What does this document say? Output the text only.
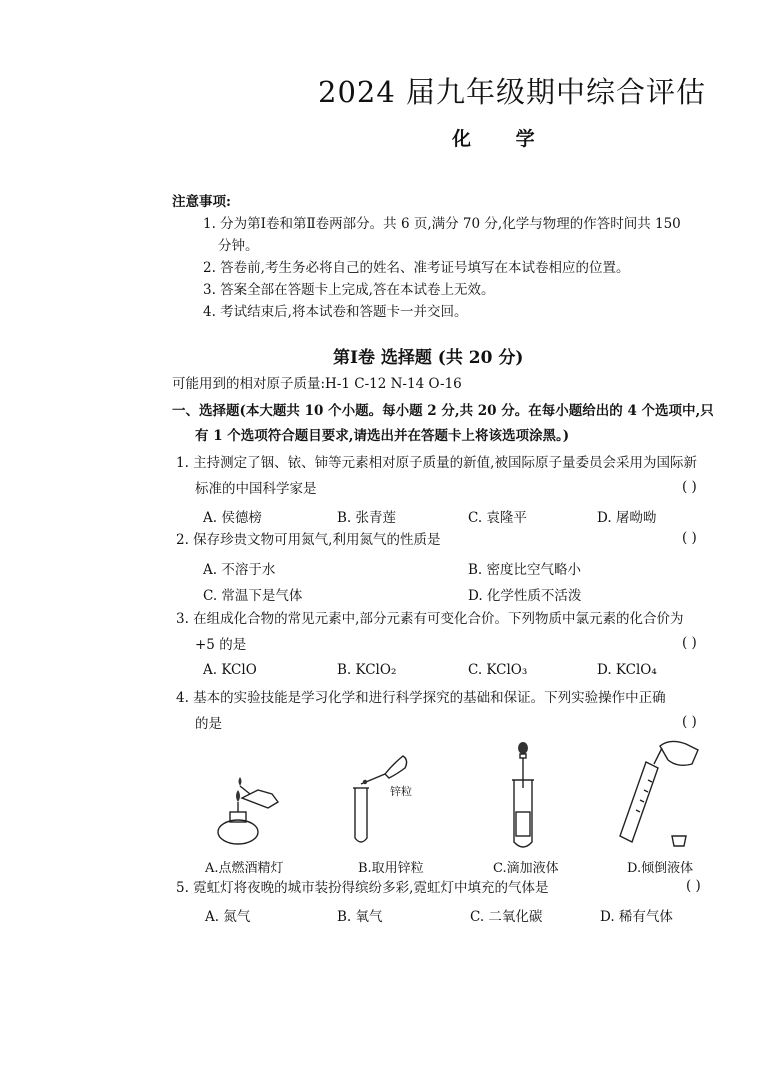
2024 届九年级期中综合评估
化 学
注意事项:
1. 分为第Ⅰ卷和第Ⅱ卷两部分。共 6 页,满分 70 分,化学与物理的作答时间共 150
分钟。
2. 答卷前,考生务必将自己的姓名、准考证号填写在本试卷相应的位置。
3. 答案全部在答题卡上完成,答在本试卷上无效。
4. 考试结束后,将本试卷和答题卡一并交回。
第Ⅰ卷 选择题 (共 20 分)
可能用到的相对原子质量:H-1 C-12 N-14 O-16
一、选择题(本大题共 10 个小题。每小题 2 分,共 20 分。在每小题给出的 4 个选项中,只
有 1 个选项符合题目要求,请选出并在答题卡上将该选项涂黑。)
1. 主持测定了铟、铱、铈等元素相对原子质量的新值,被国际原子量委员会采用为国际新
标准的中国科学家是	( )
A. 侯德榜	B. 张青莲	C. 袁隆平	D. 屠呦呦
2. 保存珍贵文物可用氮气,利用氮气的性质是	( )
A. 不溶于水	B. 密度比空气略小
C. 常温下是气体	D. 化学性质不活泼
3. 在组成化合物的常见元素中,部分元素有可变化合价。下列物质中氯元素的化合价为
+5 的是	( )
A. KClO	B. KClO₂	C. KClO₃	D. KClO₄
4. 基本的实验技能是学习化学和进行科学探究的基础和保证。下列实验操作中正确
的是	( )
锌粒
A.点燃酒精灯	B.取用锌粒	C.滴加液体	D.倾倒液体
5. 霓虹灯将夜晚的城市装扮得缤纷多彩,霓虹灯中填充的气体是	( )
A. 氮气	B. 氧气	C. 二氧化碳	D. 稀有气体
